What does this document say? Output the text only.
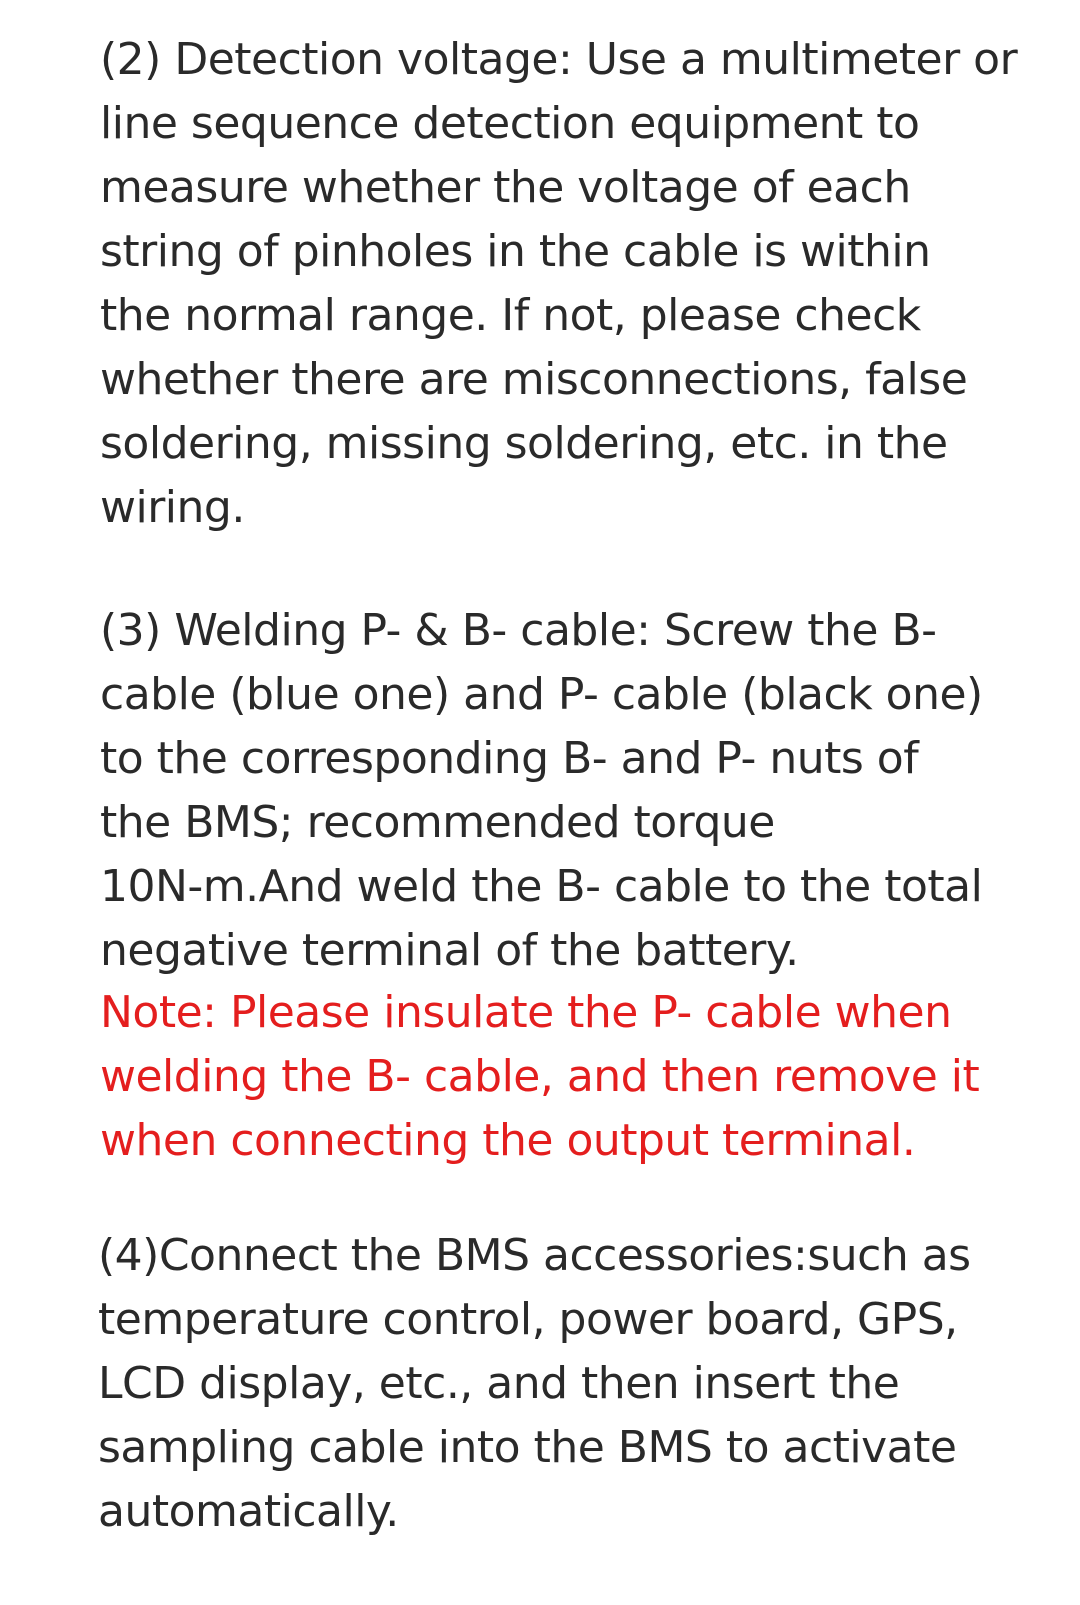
(2) Detection voltage: Use a multimeter or
line sequence detection equipment to
measure whether the voltage of each
string of pinholes in the cable is within
the normal range. If not, please check
whether there are misconnections, false
soldering, missing soldering, etc. in the
wiring.
(3) Welding P- & B- cable: Screw the B-
cable (blue one) and P- cable (black one)
to the corresponding B- and P- nuts of
the BMS; recommended torque
10N-m.And weld the B- cable to the total
negative terminal of the battery.
Note: Please insulate the P- cable when
welding the B- cable, and then remove it
when connecting the output terminal.
(4)Connect the BMS accessories:such as
temperature control, power board, GPS,
LCD display, etc., and then insert the
sampling cable into the BMS to activate
automatically.
